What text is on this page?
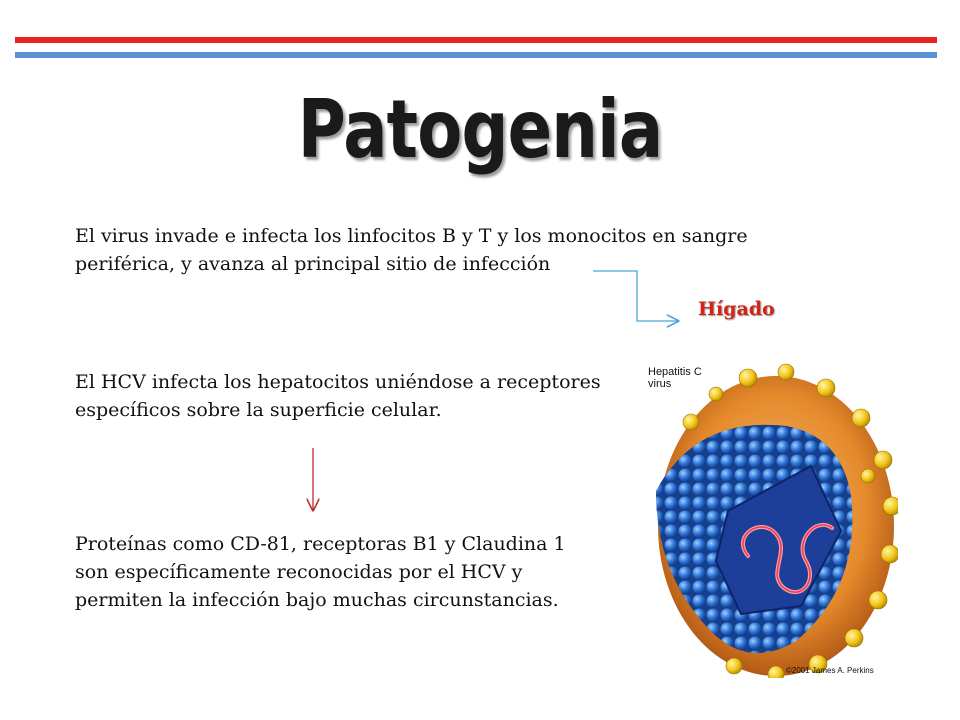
Patogenia
El virus invade e infecta los linfocitos B y T y los monocitos en sangre periférica, y avanza al principal sitio de infección
Hígado
El HCV infecta los hepatocitos uniéndose a receptores específicos sobre la superficie celular.
Proteínas como CD-81, receptoras B1 y Claudina 1 son específicamente reconocidas por el HCV y permiten la infección bajo muchas circunstancias.
Hepatitis C
virus
©2001 James A. Perkins
